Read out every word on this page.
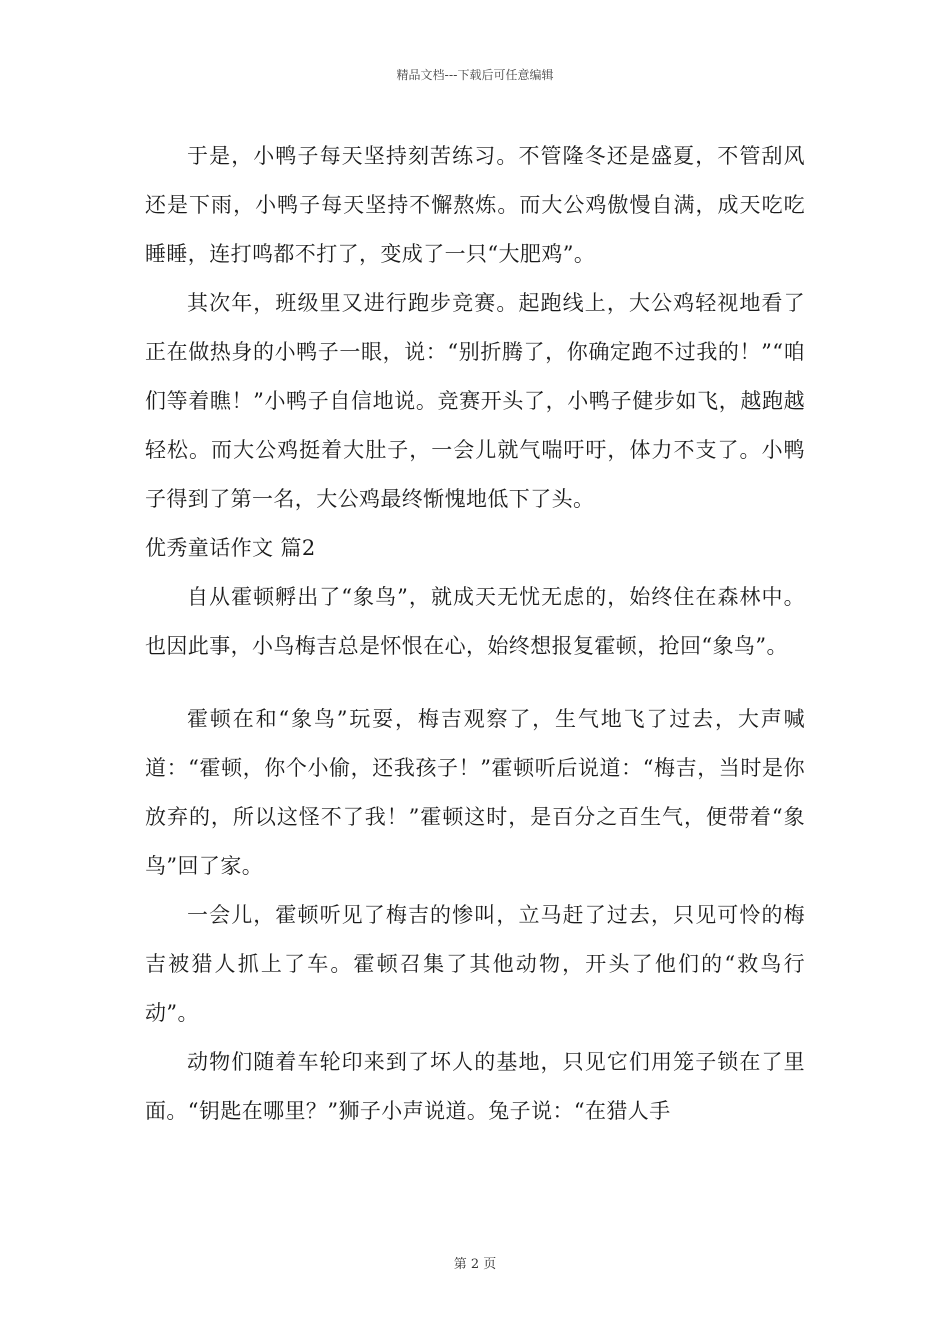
精品文档---下载后可任意编辑

于是，小鸭子每天坚持刻苦练习。不管隆冬还是盛夏，不管刮风还是下雨，小鸭子每天坚持不懈熬炼。而大公鸡傲慢自满，成天吃吃睡睡，连打鸣都不打了，变成了一只“大肥鸡”。

其次年，班级里又进行跑步竞赛。起跑线上，大公鸡轻视地看了正在做热身的小鸭子一眼，说：“别折腾了，你确定跑不过我的！”“咱们等着瞧！”小鸭子自信地说。竞赛开头了，小鸭子健步如飞，越跑越轻松。而大公鸡挺着大肚子，一会儿就气喘吁吁，体力不支了。小鸭子得到了第一名，大公鸡最终惭愧地低下了头。

优秀童话作文 篇2

自从霍顿孵出了“象鸟”，就成天无忧无虑的，始终住在森林中。也因此事，小鸟梅吉总是怀恨在心，始终想报复霍顿，抢回“象鸟”。

霍顿在和“象鸟”玩耍，梅吉观察了，生气地飞了过去，大声喊道：“霍顿，你个小偷，还我孩子！”霍顿听后说道：“梅吉，当时是你放弃的，所以这怪不了我！”霍顿这时，是百分之百生气，便带着“象鸟”回了家。

一会儿，霍顿听见了梅吉的惨叫，立马赶了过去，只见可怜的梅吉被猎人抓上了车。霍顿召集了其他动物，开头了他们的“救鸟行动”。

动物们随着车轮印来到了坏人的基地，只见它们用笼子锁在了里面。“钥匙在哪里？”狮子小声说道。兔子说：“在猎人手

第 2 页
